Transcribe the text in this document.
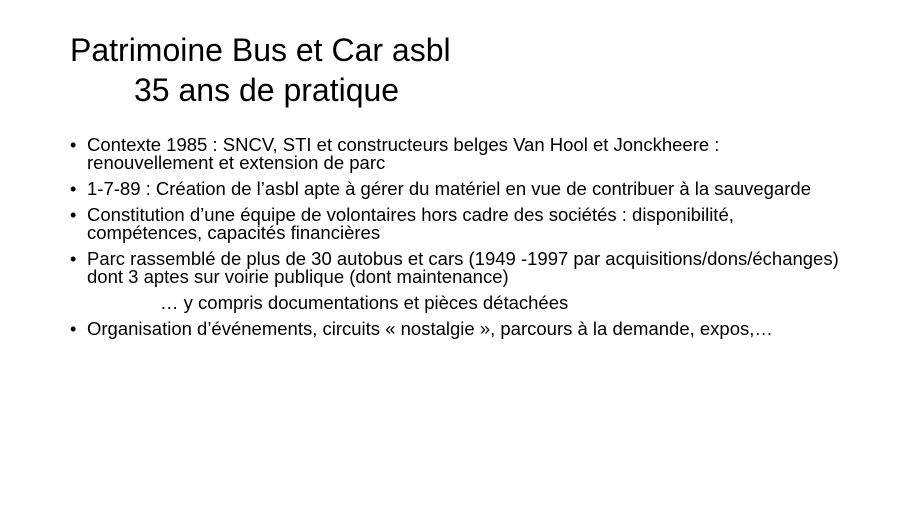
Patrimoine Bus et Car asbl
35 ans de pratique
• Contexte 1985 : SNCV, STI et constructeurs belges Van Hool et Jonckheere : renouvellement et extension de parc
• 1-7-89 : Création de l’asbl apte à gérer du matériel en vue de contribuer à la sauvegarde
• Constitution d’une équipe de volontaires hors cadre des sociétés : disponibilité, compétences, capacités financières
• Parc rassemblé de plus de 30 autobus et cars (1949 -1997 par acquisitions/dons/échanges) dont 3 aptes sur voirie publique (dont maintenance)
… y compris documentations et pièces détachées
• Organisation d’événements, circuits « nostalgie », parcours à la demande, expos,…
